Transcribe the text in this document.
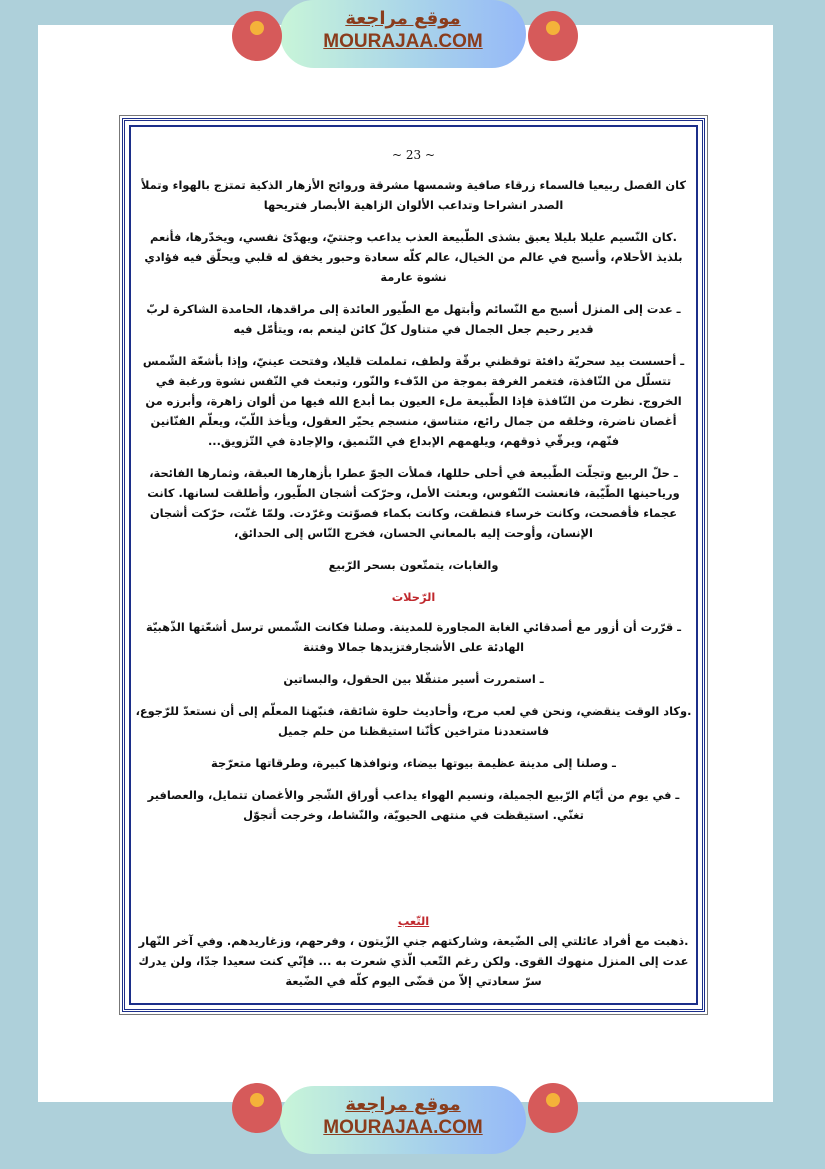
موقع مراجعة
MOURAJAA.COM
~ 23 ~

كان الفصل ربيعيا فالسماء زرقاء صافية وشمسها مشرقة وروائح الأزهار الذكية تمتزج بالهواء وتملأ الصدر انشراحا وتداعب الألوان الزاهية الأبصار فتريحها

.كان النّسيم عليلا بليلا يعبق بشذى الطّبيعة العذب يداعب وجنتيّ، ويهدّئ نفسي، ويخدّرها، فأنعم بلذيذ الأحلام، وأسبح في عالم من الخيال، عالم كلّه سعادة وحبور يخفق له قلبي ويحلّق فيه فؤادي نشوة عارمة

ـ عدت إلى المنزل أسبح مع النّسائم وأبتهل مع الطّيور العائدة إلى مراقدها، الحامدة الشاكرة لربّ قدير رحيم جعل الجمال في متناول كلّ كائن لينعم به، ويتأمّل فيه

ـ أحسست بيد سحريّة دافئة توقظني برقّة ولطف، تململت قليلا، وفتحت عينيّ، وإذا بأشعّة الشّمس تتسلّل من النّافذة، فتغمر الغرفة بموجة من الدّفء والنّور، وتبعث في النّفس نشوة ورغبة في الخروج. نظرت من النّافذة فإذا الطّبيعة ملء العيون بما أبدع الله فيها من ألوان زاهرة، وأبرزه من أغصان ناضرة، وخلقه من جمال رائع، متناسق، منسجم يحيّر العقول، ويأخذ اللّبّ، ويعلّم الفنّانين فنّهم، ويرقّي ذوقهم، ويلهمهم الإبداع في التّنميق، والإجادة في التّزويق...

ـ حلّ الربيع وتجلّت الطّبيعة في أحلى حللها، فملأت الجوّ عطرا بأزهارها العبقة، وثمارها الفائحة، ورياحينها الطّيّبة، فانعشت النّفوس، وبعثت الأمل، وحرّكت أشجان الطّيور، وأطلقت لسانها. كانت عجماء فأفصحت، وكانت خرساء فنطقت، وكانت بكماء فصوّتت وغرّدت. ولمّا غنّت، حرّكت أشجان الإنسان، وأوحت إليه بالمعاني الحسان، فخرج النّاس إلى الحدائق،

والغابات، يتمتّعون بسحر الرّبيع

الرّحلات

ـ قرّرت أن أزور مع أصدقائي الغابة المجاورة للمدينة. وصلنا فكانت الشّمس ترسل أشعّتها الذّهبيّة الهادئة على الأشجارفتزيدها جمالا وفتنة

ـ استمررت أسير متنقّلا بين الحقول، والبساتين

.وكاد الوقت ينقضي، ونحن في لعب مرح، وأحاديث حلوة شائقة، فنبّهنا المعلّم إلى أن نستعدّ للرّجوع، فاستعددنا متراخين كأنّنا استيقظنا من حلم جميل

ـ وصلنا إلى مدينة عظيمة بيوتها بيضاء، ونوافذها كبيرة، وطرقاتها متعرّجة

ـ في يوم من أيّام الرّبيع الجميلة، ونسيم الهواء يداعب أوراق الشّجر والأغصان تتمايل، والعصافير تغنّي. استيقظت في منتهى الحيويّة، والنّشاط، وخرجت أتجوّل

التّعب

.ذهبت مع أفراد عائلتي إلى الضّيعة، وشاركتهم جني الزّيتون ، وفرحهم، وزغاريدهم. وفي آخر النّهار عدت إلى المنزل منهوك القوى. ولكن رغم التّعب الّذي شعرت به ... فإنّي كنت سعيدا جدّا، ولن يدرك سرّ سعادتي إلاّ من قضّى اليوم كلّه في الضّيعة

موقع مراجعة
MOURAJAA.COM
